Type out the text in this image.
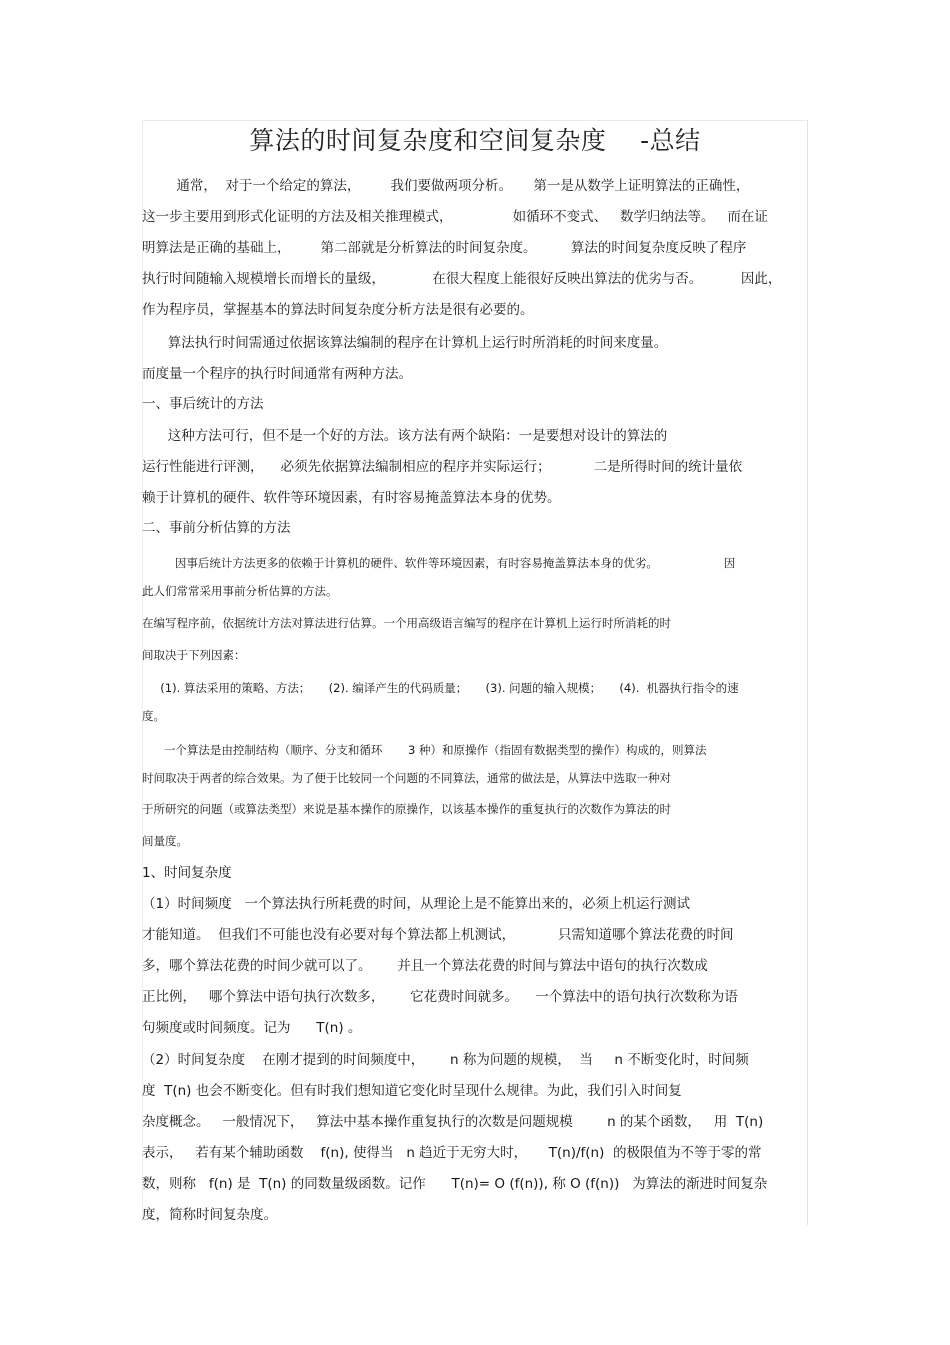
算法的时间复杂度和空间复杂度    -总结
通常，  对于一个给定的算法，       我们要做两项分析。     第一是从数学上证明算法的正确性，
这一步主要用到形式化证明的方法及相关推理模式，              如循环不变式、   数学归纳法等。   而在证
明算法是正确的基础上，       第二部就是分析算法的时间复杂度。        算法的时间复杂度反映了程序
执行时间随输入规模增长而增长的量级，           在很大程度上能很好反映出算法的优劣与否。         因此，
作为程序员，掌握基本的算法时间复杂度分析方法是很有必要的。
算法执行时间需通过依据该算法编制的程序在计算机上运行时所消耗的时间来度量。
而度量一个程序的执行时间通常有两种方法。
一、事后统计的方法
这种方法可行，但不是一个好的方法。该方法有两个缺陷：一是要想对设计的算法的
运行性能进行评测，    必须先依据算法编制相应的程序并实际运行；          二是所得时间的统计量依
赖于计算机的硬件、软件等环境因素，有时容易掩盖算法本身的优势。
二、事前分析估算的方法
因事后统计方法更多的依赖于计算机的硬件、软件等环境因素，有时容易掩盖算法本身的优劣。                  因
此人们常常采用事前分析估算的方法。
在编写程序前，依据统计方法对算法进行估算。一个用高级语言编写的程序在计算机上运行时所消耗的时
间取决于下列因素：
(1). 算法采用的策略、方法；     (2). 编译产生的代码质量；     (3). 问题的输入规模；     (4).  机器执行指令的速
度。
一个算法是由控制结构（顺序、分支和循环       3 种）和原操作（指固有数据类型的操作）构成的，则算法
时间取决于两者的综合效果。为了便于比较同一个问题的不同算法，通常的做法是，从算法中选取一种对
于所研究的问题（或算法类型）来说是基本操作的原操作，以该基本操作的重复执行的次数作为算法的时
间量度。
1、时间复杂度
（1）时间频度   一个算法执行所耗费的时间，从理论上是不能算出来的，必须上机运行测试
才能知道。  但我们不可能也没有必要对每个算法都上机测试，          只需知道哪个算法花费的时间
多，哪个算法花费的时间少就可以了。      并且一个算法花费的时间与算法中语句的执行次数成
正比例，   哪个算法中语句执行次数多，      它花费时间就多。    一个算法中的语句执行次数称为语
句频度或时间频度。记为      T(n) 。
（2）时间复杂度    在刚才提到的时间频度中，      n 称为问题的规模，  当     n 不断变化时，时间频
度  T(n) 也会不断变化。但有时我们想知道它变化时呈现什么规律。为此，我们引入时间复
杂度概念。   一般情况下，   算法中基本操作重复执行的次数是问题规模        n 的某个函数，   用  T(n)
表示，   若有某个辅助函数    f(n), 使得当   n 趋近于无穷大时，     T(n)/f(n)  的极限值为不等于零的常
数，则称   f(n) 是  T(n) 的同数量级函数。记作      T(n)= O (f(n)), 称 O (f(n))   为算法的渐进时间复杂
度，简称时间复杂度。
